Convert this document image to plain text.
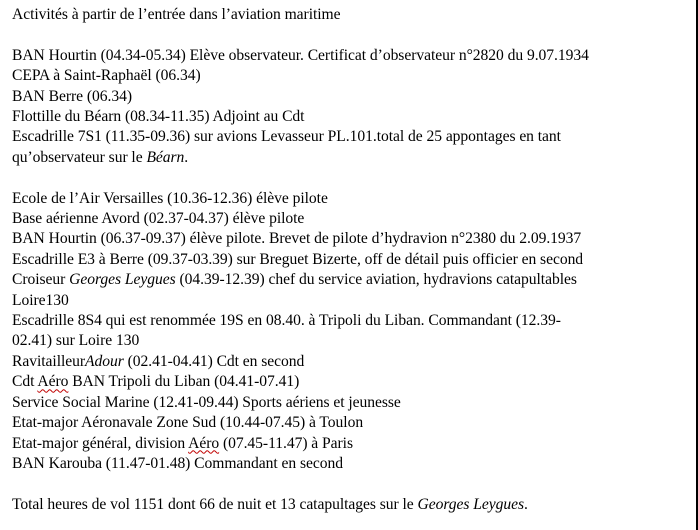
Activités à partir de l’entrée dans l’aviation maritime
BAN Hourtin (04.34-05.34) Elève observateur. Certificat d’observateur n°2820 du 9.07.1934
CEPA à Saint-Raphaël (06.34)
BAN Berre (06.34)
Flottille du Béarn (08.34-11.35) Adjoint au Cdt
Escadrille 7S1 (11.35-09.36) sur avions Levasseur PL.101.total de 25 appontages en tant
qu’observateur sur le Béarn.
Ecole de l’Air Versailles (10.36-12.36) élève pilote
Base aérienne Avord (02.37-04.37) élève pilote
BAN Hourtin (06.37-09.37) élève pilote. Brevet de pilote d’hydravion n°2380 du 2.09.1937
Escadrille E3 à Berre (09.37-03.39) sur Breguet Bizerte, off de détail puis officier en second
Croiseur Georges Leygues (04.39-12.39) chef du service aviation, hydravions catapultables
Loire130
Escadrille 8S4 qui est renommée 19S en 08.40. à Tripoli du Liban. Commandant (12.39-
02.41) sur Loire 130
RavitailleurAdour (02.41-04.41) Cdt en second
Cdt Aéro BAN Tripoli du Liban (04.41-07.41)
Service Social Marine (12.41-09.44) Sports aériens et jeunesse
Etat-major Aéronavale Zone Sud (10.44-07.45) à Toulon
Etat-major général, division Aéro (07.45-11.47) à Paris
BAN Karouba (11.47-01.48) Commandant en second
Total heures de vol 1151 dont 66 de nuit et 13 catapultages sur le Georges Leygues.
